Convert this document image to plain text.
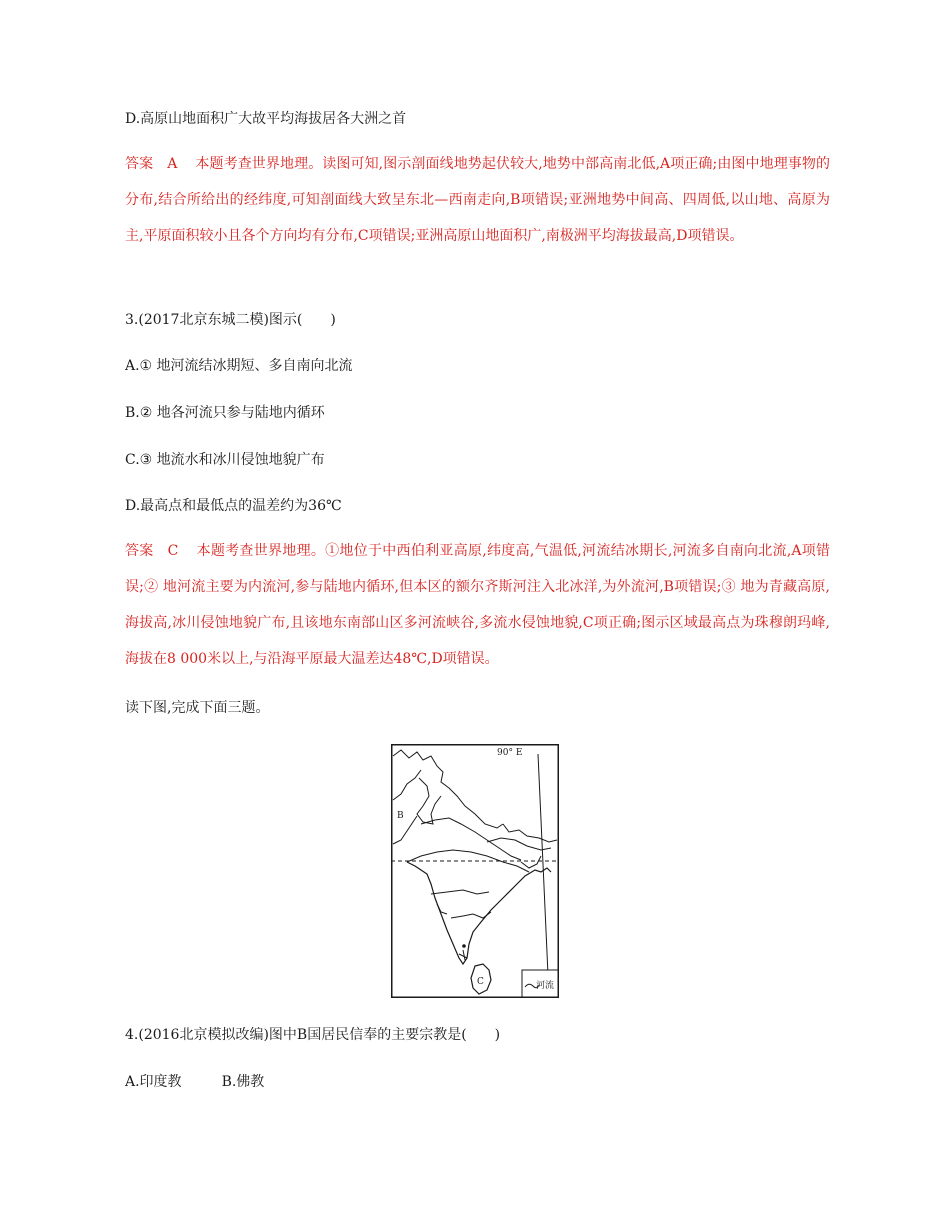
D.高原山地面积广大故平均海拔居各大洲之首

答案 A 本题考查世界地理。读图可知,图示剖面线地势起伏较大,地势中部高南北低,A项正确;由图中地理事物的分布,结合所给出的经纬度,可知剖面线大致呈东北—西南走向,B项错误;亚洲地势中间高、四周低,以山地、高原为主,平原面积较小且各个方向均有分布,C项错误;亚洲高原山地面积广,南极洲平均海拔最高,D项错误。

3.(2017北京东城二模)图示(　　)

A.① 地河流结冰期短、多自南向北流

B.② 地各河流只参与陆地内循环

C.③ 地流水和冰川侵蚀地貌广布

D.最高点和最低点的温差约为36℃

答案 C 本题考查世界地理。①地位于中西伯利亚高原,纬度高,气温低,河流结冰期长,河流多自南向北流,A项错误;② 地河流主要为内流河,参与陆地内循环,但本区的额尔齐斯河注入北冰洋,为外流河,B项错误;③ 地为青藏高原,海拔高,冰川侵蚀地貌广布,且该地东南部山区多河流峡谷,多流水侵蚀地貌,C项正确;图示区域最高点为珠穆朗玛峰,海拔在8 000米以上,与沿海平原最大温差达48℃,D项错误。

读下图,完成下面三题。

90° E
C
B
河流

4.(2016北京模拟改编)图中B国居民信奉的主要宗教是(　　)

A.印度教	B.佛教
